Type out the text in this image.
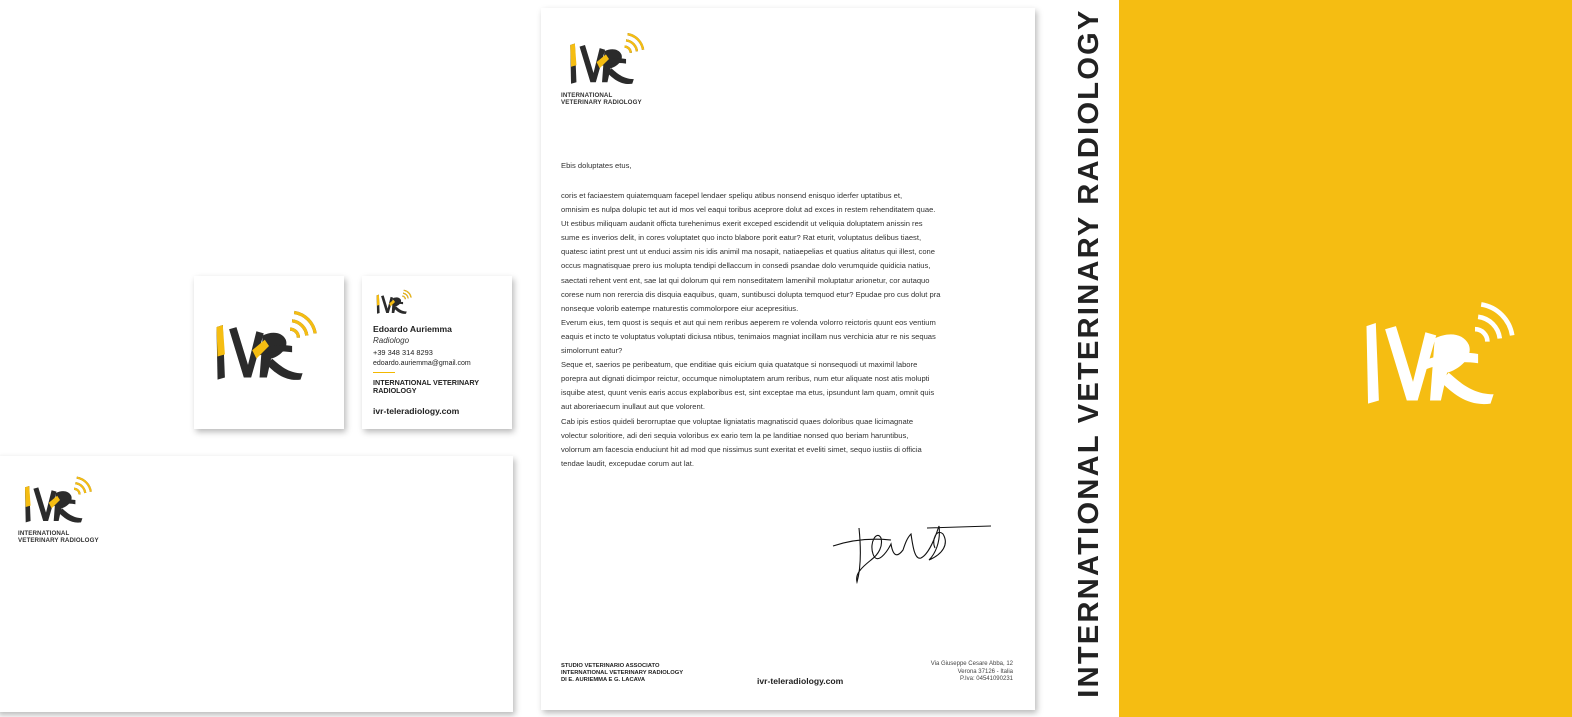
Edoardo Auriemma
Radiologo
+39 348 314 8293
edoardo.auriemma@gmail.com
INTERNATIONAL VETERINARY RADIOLOGY
ivr-teleradiology.com
INTERNATIONAL
VETERINARY RADIOLOGY
INTERNATIONAL
VETERINARY RADIOLOGY
Ebis doluptates etus,

coris et faciaestem quiatemquam facepel lendaer speliqu atibus nonsend enisquo iderfer uptatibus et,

omnisim es nulpa dolupic tet aut id mos vel eaqui toribus aceprore dolut ad exces in restem rehenditatem quae.

Ut estibus miliquam audanit officta turehenimus exerit exceped escidendit ut veliquia doluptatem anissin res

sume es inverios delit, in cores voluptatet quo incto blabore porit eatur? Rat eturit, voluptatus delibus tiaest,

quatesc iatint prest unt ut enduci assim nis idis animil ma nosapit, natiaepelias et quatius alitatus qui illest, cone

occus magnatisquae prero ius molupta tendipi dellaccum in consedi psandae dolo verumquide quidicia natius,

saectati rehent vent ent, sae lat qui dolorum qui rem nonseditatem lamenihil moluptatur arionetur, cor autaquo

corese num non rerercia dis disquia eaquibus, quam, suntibusci dolupta temquod etur? Epudae pro cus dolut pra

nonseque volorib eatempe rnaturestis commolorpore eiur acepresitius.

Everum eius, tem quost is sequis et aut qui nem reribus aeperem re volenda volorro reictoris quunt eos ventium

eaquis et incto te voluptatus voluptati diciusa ntibus, tenimaios magniat incillam nus verchicia atur re nis sequas

simolorrunt eatur?

Seque et, saerios pe peribeatum, que enditiae quis eicium quia quatatque si nonsequodi ut maximil labore

porepra aut dignati dicimpor reictur, occumque nimoluptatem arum reribus, num etur aliquate nost atis molupti

isquibe atest, quunt venis earis accus explaboribus est, sint exceptae ma etus, ipsundunt lam quam, omnit quis

aut aboreriaecum inullaut aut que volorent.

Cab ipis estios quideli berorruptae que voluptae ligniatatis magnatiscid quaes doloribus quae licimagnate

volectur soloritiore, adi deri sequia voloribus ex eario tem la pe landitiae nonsed quo beriam haruntibus,

volorrum am facescia enduciunt hit ad mod que nissimus sunt exeritat et eveliti simet, sequo iustiis di officia

tendae laudit, excepudae corum aut lat.

STUDIO VETERINARIO ASSOCIATO
INTERNATIONAL VETERINARY RADIOLOGY
DI E. AURIEMMA E G. LACAVA	ivr-teleradiology.com
Via Giuseppe Cesare Abba, 12
Verona 37126 - Italia
P.Iva: 04541090231 INTERNATIONAL VETERINARY RADIOLOGY
